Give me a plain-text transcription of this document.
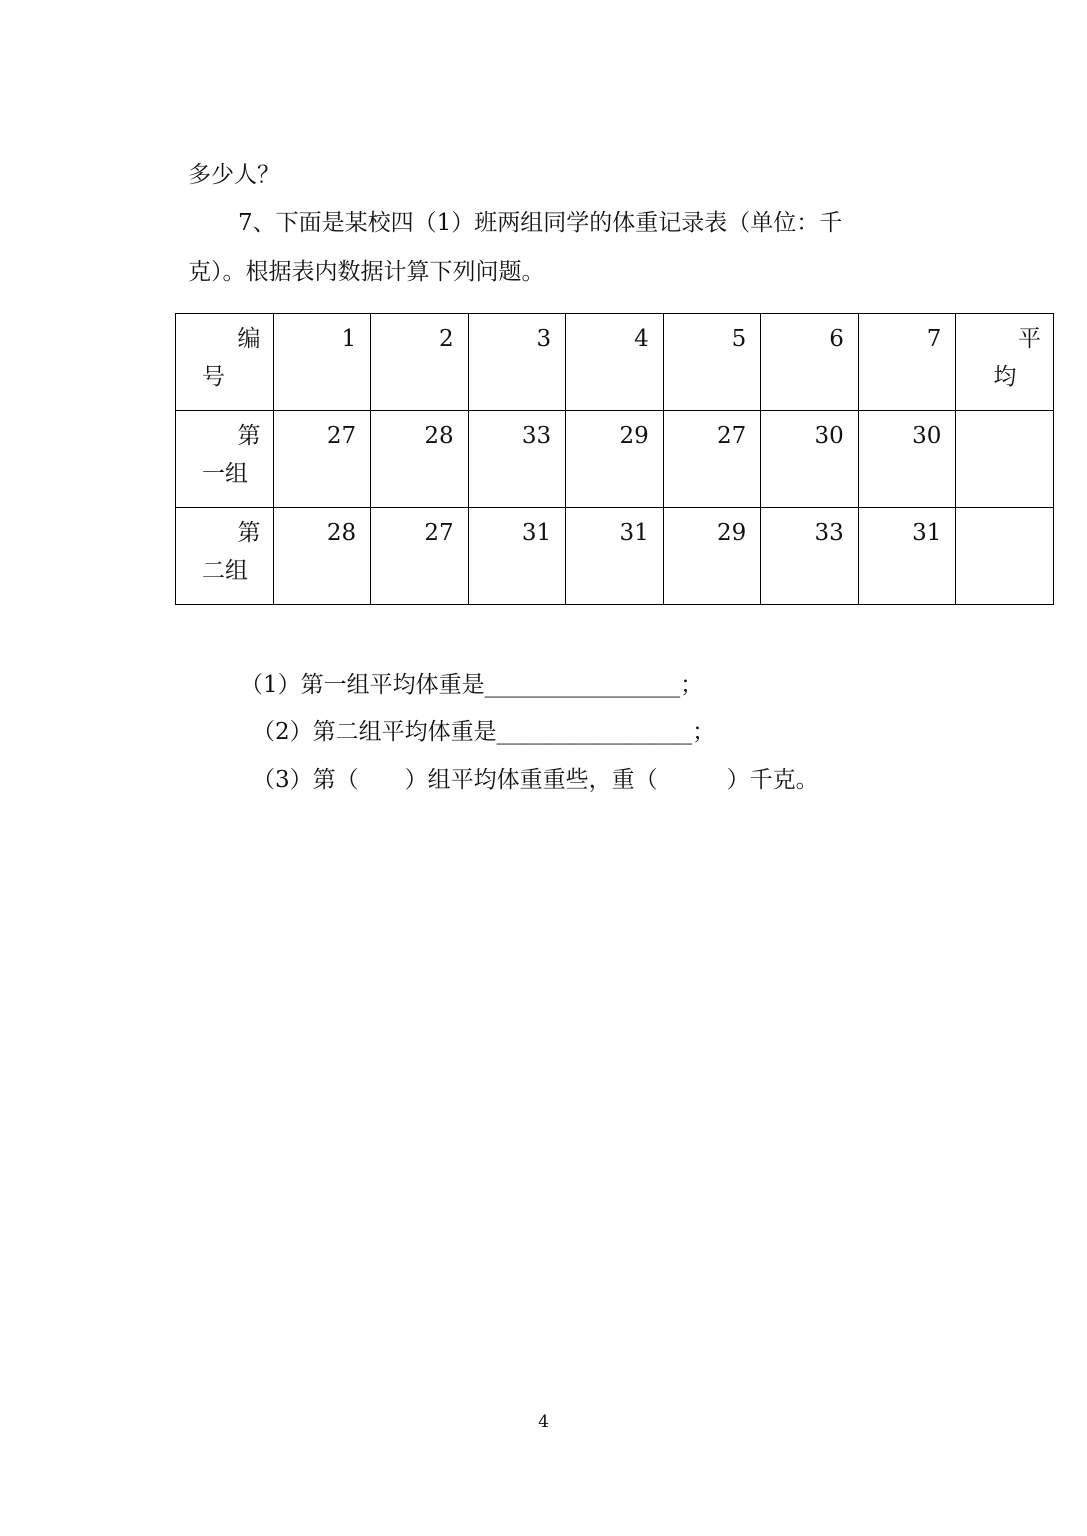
多少人？
7、下面是某校四（1）班两组同学的体重记录表（单位：千
克）。根据表内数据计算下列问题。
编
号	1	2	3	4	5	6	7	平
均

第
一组	27	28	33	29	27	30	30	

第
二组	28	27	31	31	29	33	31	

（1）第一组平均体重是_________________；
（2）第二组平均体重是_________________；
（3）第（　　）组平均体重重些，重（　　　）千克。
4
